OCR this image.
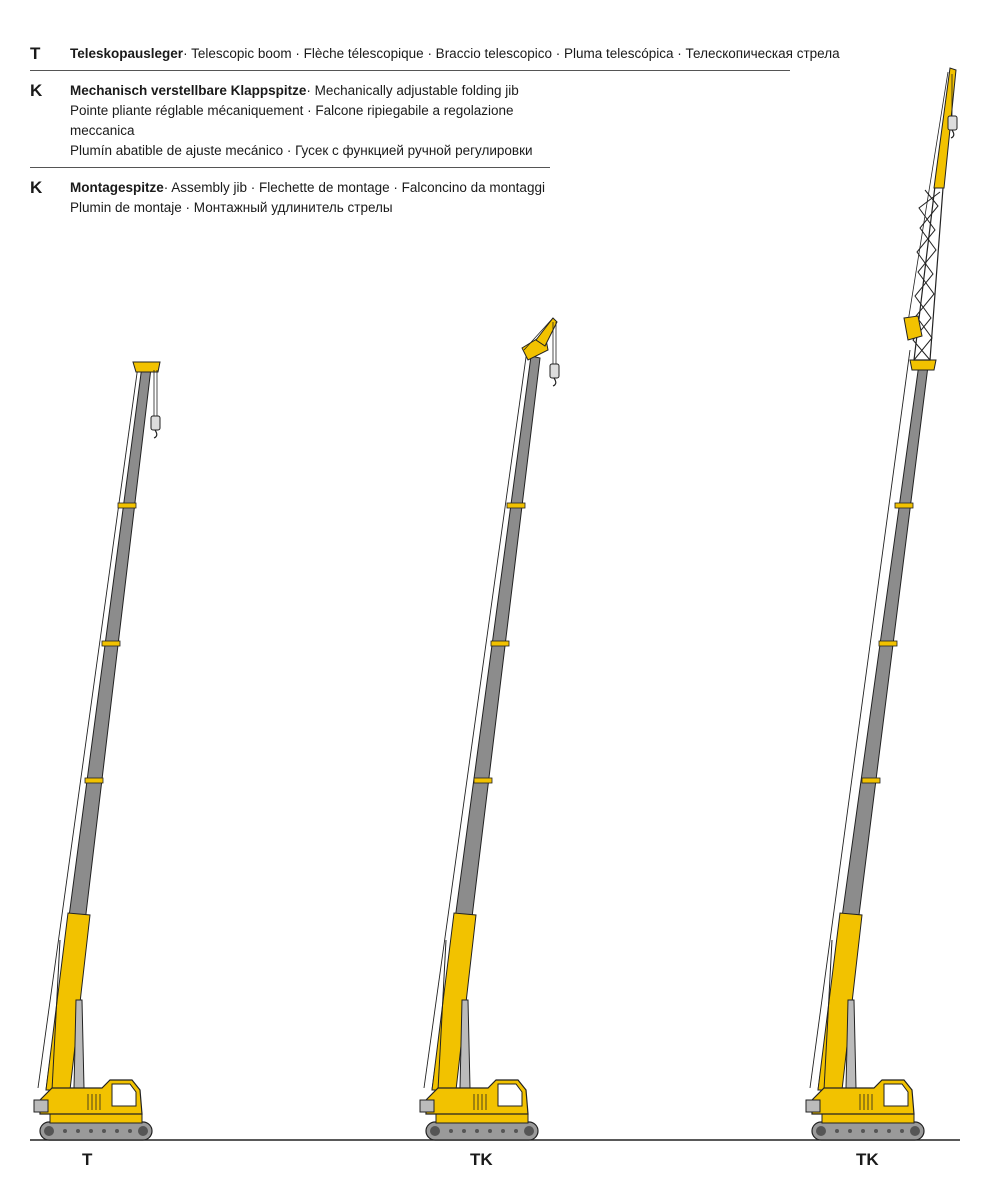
T Teleskopausleger· Telescopic boom · Flèche télescopique · Braccio telescopico · Pluma telescópica · Телескопическая стрела
K Mechanisch verstellbare Klappspitze· Mechanically adjustable folding jib
Pointe pliante réglable mécaniquement · Falcone ripiegabile a regolazione meccanica
Plumín abatible de ajuste mecánico · Гусек с функцией ручной регулировки
K Montagespitze· Assembly jib · Flechette de montage · Falconcino da montaggi
Plumin de montaje · Монтажный удлинитель стрелы
T	TK	TK
